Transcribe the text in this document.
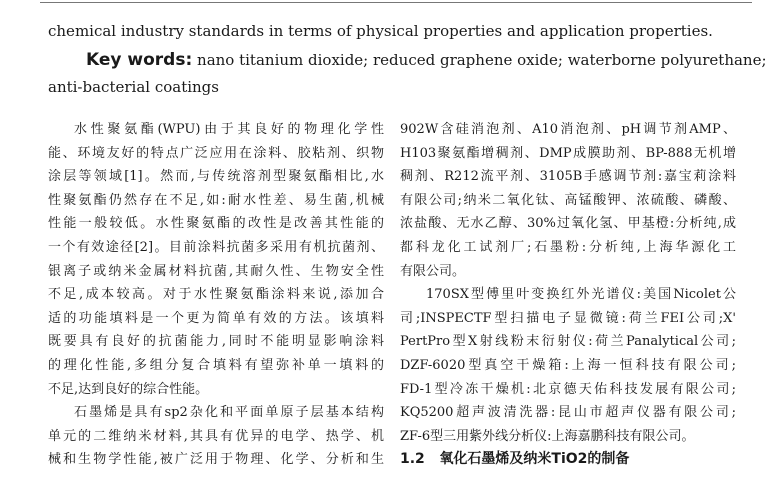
chemical industry standards in terms of physical properties and application properties.
Key words: nano titanium dioxide; reduced graphene oxide; waterborne polyurethane;
anti-bacterial coatings
水性聚氨酯(WPU)由于其良好的物理化学性
能、环境友好的特点广泛应用在涂料、胶粘剂、织物
涂层等领域[1]。然而,与传统溶剂型聚氨酯相比,水
性聚氨酯仍然存在不足,如:耐水性差、易生菌,机械
性能一般较低。水性聚氨酯的改性是改善其性能的
一个有效途径[2]。目前涂料抗菌多采用有机抗菌剂、
银离子或纳米金属材料抗菌,其耐久性、生物安全性
不足,成本较高。对于水性聚氨酯涂料来说,添加合
适的功能填料是一个更为简单有效的方法。该填料
既要具有良好的抗菌能力,同时不能明显影响涂料
的理化性能,多组分复合填料有望弥补单一填料的
不足,达到良好的综合性能。
石墨烯是具有sp2杂化和平面单原子层基本结构
单元的二维纳米材料,其具有优异的电学、热学、机
械和生物学性能,被广泛用于物理、化学、分析和生
902W含硅消泡剂、A10消泡剂、pH调节剂AMP、
H103聚氨酯增稠剂、DMP成膜助剂、BP-888无机增
稠剂、R212流平剂、3105B手感调节剂:嘉宝莉涂料
有限公司;纳米二氧化钛、高锰酸钾、浓硫酸、磷酸、
浓盐酸、无水乙醇、30%过氧化氢、甲基橙:分析纯,成
都科龙化工试剂厂;石墨粉:分析纯,上海华源化工
有限公司。
170SX型傅里叶变换红外光谱仪:美国Nicolet公
司;INSPECTF型扫描电子显微镜:荷兰FEI公司;X'
PertPro型X射线粉末衍射仪:荷兰Panalytical公司;
DZF-6020型真空干燥箱:上海一恒科技有限公司;
FD-1型冷冻干燥机:北京德天佑科技发展有限公司;
KQ5200超声波清洗器:昆山市超声仪器有限公司;
ZF-6型三用紫外线分析仪:上海嘉鹏科技有限公司。
1.2 氧化石墨烯及纳米TiO2的制备
